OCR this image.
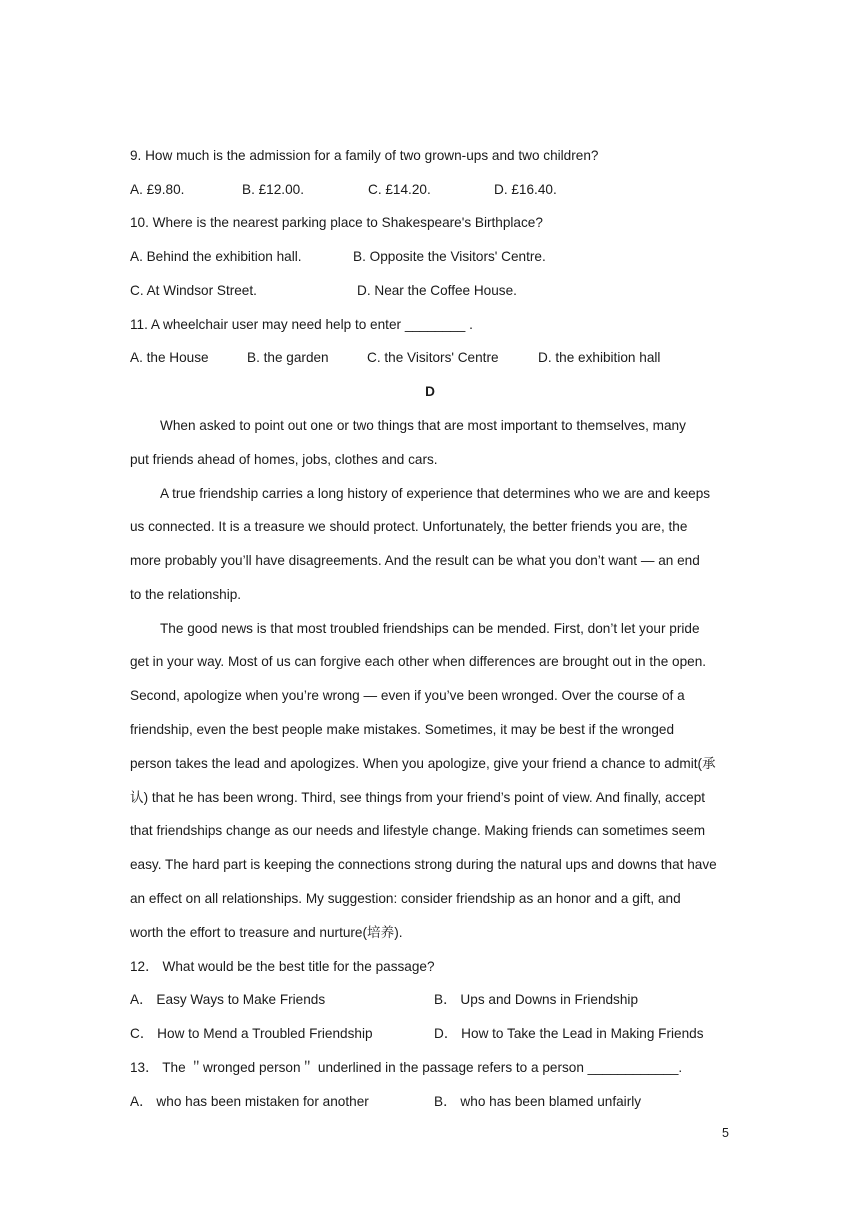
9. How much is the admission for a family of two grown-ups and two children?
A. £9.80.	B. £12.00.	C. £14.20.	D. £16.40.
10. Where is the nearest parking place to Shakespeare's Birthplace?
A. Behind the exhibition hall.	B. Opposite the Visitors' Centre.
C. At Windsor Street.	D. Near the Coffee House.
11. A wheelchair user may need help to enter ________ .
A. the House	B. the garden	C. the Visitors' Centre	D. the exhibition hall
D
When asked to point out one or two things that are most important to themselves, many
put friends ahead of homes, jobs, clothes and cars.
A true friendship carries a long history of experience that determines who we are and keeps
us connected. It is a treasure we should protect. Unfortunately, the better friends you are, the
more probably you’ll have disagreements. And the result can be what you don’t want — an end
to the relationship.
The good news is that most troubled friendships can be mended. First, don’t let your pride
get in your way. Most of us can forgive each other when differences are brought out in the open.
Second, apologize when you’re wrong — even if you’ve been wronged. Over the course of a
friendship, even the best people make mistakes. Sometimes, it may be best if the wronged
person takes the lead and apologizes. When you apologize, give your friend a chance to admit(承
认) that he has been wrong. Third, see things from your friend’s point of view. And finally, accept
that friendships change as our needs and lifestyle change. Making friends can sometimes seem
easy. The hard part is keeping the connections strong during the natural ups and downs that have
an effect on all relationships. My suggestion: consider friendship as an honor and a gift, and
worth the effort to treasure and nurture(培养).
12． What would be the best title for the passage?
A． Easy Ways to Make Friends	B． Ups and Downs in Friendship
C． How to Mend a Troubled Friendship	D． How to Take the Lead in Making Friends
13． The ＂wronged person＂ underlined in the passage refers to a person ____________.
A． who has been mistaken for another	B． who has been blamed unfairly
5
